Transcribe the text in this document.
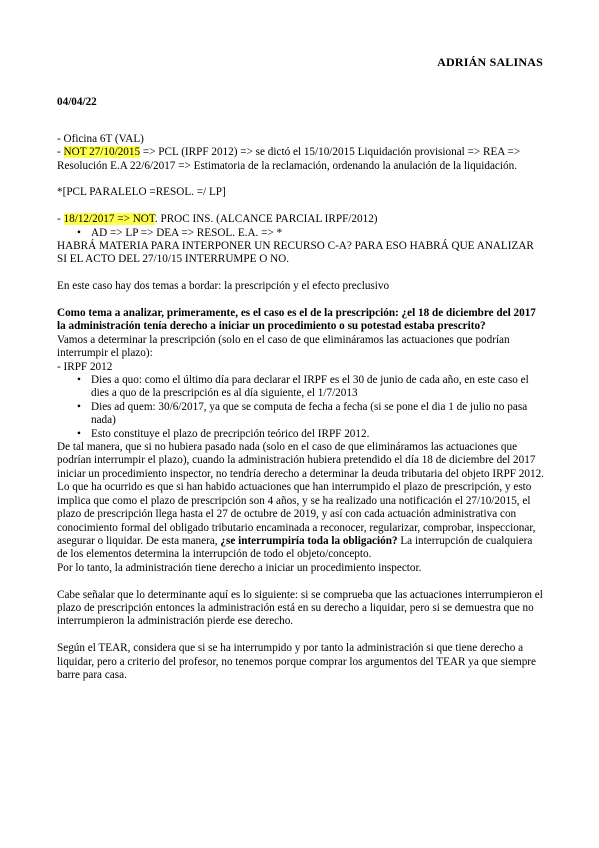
ADRIÁN SALINAS

04/04/22

- Oficina 6T (VAL)

- NOT 27/10/2015 => PCL (IRPF 2012) => se dictó el 15/10/2015 Liquidación provisional => REA => Resolución E.A 22/6/2017 => Estimatoria de la reclamación, ordenando la anulación de la liquidación.

*[PCL PARALELO =RESOL. =/ LP]

- 18/12/2017 => NOT. PROC INS. (ALCANCE PARCIAL IRPF/2012)

• AD => LP => DEA => RESOL. E.A. => *

HABRÁ MATERIA PARA INTERPONER UN RECURSO C-A? PARA ESO HABRÁ QUE ANALIZAR SI EL ACTO DEL 27/10/15 INTERRUMPE O NO.

En este caso hay dos temas a bordar: la prescripción y el efecto preclusivo

Como tema a analizar, primeramente, es el caso es el de la prescripción: ¿el 18 de diciembre del 2017 la administración tenía derecho a iniciar un procedimiento o su potestad estaba prescrito?

Vamos a determinar la prescripción (solo en el caso de que elimináramos las actuaciones que podrían interrumpir el plazo):

- IRPF 2012

• Dies a quo: como el último día para declarar el IRPF es el 30 de junio de cada año, en este caso el dies a quo de la prescripción es al día siguiente, el 1/7/2013
• Dies ad quem: 30/6/2017, ya que se computa de fecha a fecha (si se pone el dia 1 de julio no pasa nada)
• Esto constituye el plazo de precripción teórico del IRPF 2012.

De tal manera, que si no hubiera pasado nada (solo en el caso de que elimináramos las actuaciones que podrían interrumpir el plazo), cuando la administración hubiera pretendido el día 18 de diciembre del 2017 iniciar un procedimiento inspector, no tendría derecho a determinar la deuda tributaria del objeto IRPF 2012.

Lo que ha ocurrido es que si han habido actuaciones que han interrumpido el plazo de prescripción, y esto implica que como el plazo de prescripción son 4 años, y se ha realizado una notificación el 27/10/2015, el plazo de prescripción llega hasta el 27 de octubre de 2019, y así con cada actuación administrativa con conocimiento formal del obligado tributario encaminada a reconocer, regularizar, comprobar, inspeccionar, asegurar o liquidar. De esta manera, ¿se interrumpiría toda la obligación? La interrupción de cualquiera de los elementos determina la interrupción de todo el objeto/concepto.

Por lo tanto, la administración tiene derecho a iniciar un procedimiento inspector.

Cabe señalar que lo determinante aquí es lo siguiente: si se comprueba que las actuaciones interrumpieron el plazo de prescripción entonces la administración está en su derecho a liquidar, pero si se demuestra que no interrumpieron la administración pierde ese derecho.

Según el TEAR, considera que si se ha interrumpido y por tanto la administración si que tiene derecho a liquidar, pero a criterio del profesor, no tenemos porque comprar los argumentos del TEAR ya que siempre barre para casa.
